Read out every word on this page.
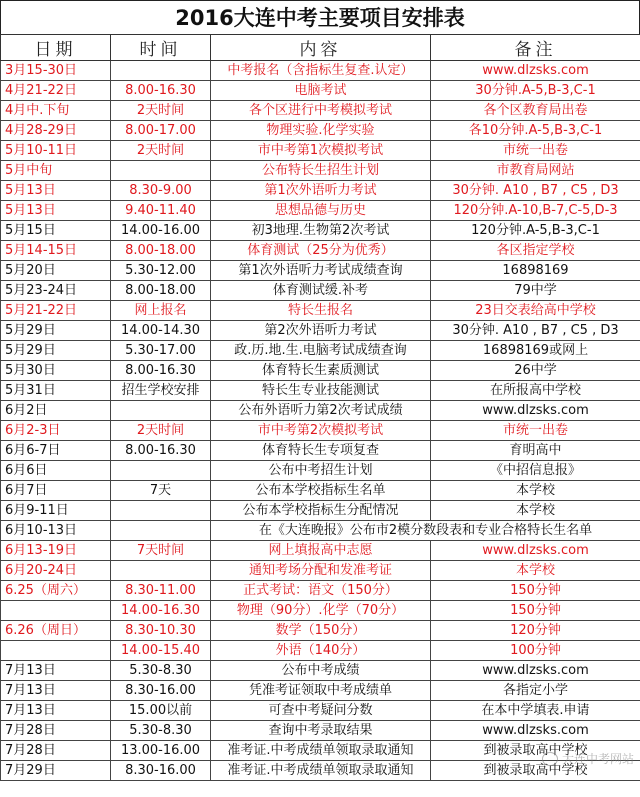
2016大连中考主要项目安排表
日期	时间	内容	备注
3月15-30日		中考报名（含指标生复查.认定）	www.dlzsks.com
4月21-22日	8.00-16.30	电脑考试	30分钟.A-5,B-3,C-1
4月中.下旬	2天时间	各个区进行中考模拟考试	各个区教育局出卷
4月28-29日	8.00-17.00	物理实验.化学实验	各10分钟.A-5,B-3,C-1
5月10-11日	2天时间	市中考第1次模拟考试	市统一出卷
5月中旬		公布特长生招生计划	市教育局网站
5月13日	8.30-9.00	第1次外语听力考试	30分钟. A10 , B7 , C5 , D3
5月13日	9.40-11.40	思想品德与历史	120分钟.A-10,B-7,C-5,D-3
5月15日	14.00-16.00	初3地理.生物第2次考试	120分钟.A-5,B-3,C-1
5月14-15日	8.00-18.00	体育测试（25分为优秀）	各区指定学校
5月20日	5.30-12.00	第1次外语听力考试成绩查询	16898169
5月23-24日	8.00-18.00	体育测试缓.补考	79中学
5月21-22日	网上报名	特长生报名	23日交表给高中学校
5月29日	14.00-14.30	第2次外语听力考试	30分钟. A10 , B7 , C5 , D3
5月29日	5.30-17.00	政.历.地.生.电脑考试成绩查询	16898169或网上
5月30日	8.00-16.30	体育特长生素质测试	26中学
5月31日	招生学校安排	特长生专业技能测试	在所报高中学校
6月2日		公布外语听力第2次考试成绩	www.dlzsks.com
6月2-3日	2天时间	市中考第2次模拟考试	市统一出卷
6月6-7日	8.00-16.30	体育特长生专项复查	育明高中
6月6日		公布中考招生计划	《中招信息报》
6月7日	7天	公布本学校指标生名单	本学校
6月9-11日		公布本学校指标生分配情况	本学校
6月10-13日		在《大连晚报》公布市2模分数段表和专业合格特长生名单	
6月13-19日	7天时间	网上填报高中志愿	www.dlzsks.com
6月20-24日		通知考场分配和发准考证	本学校
6.25（周六）	8.30-11.00	正式考试：语文（150分）	150分钟
	14.00-16.30	物理（90分）.化学（70分）	150分钟
6.26（周日）	8.30-10.30	数学（150分）	120分钟
	14.00-15.40	外语（140分）	100分钟
7月13日	5.30-8.30	公布中考成绩	www.dlzsks.com
7月13日	8.30-16.00	凭准考证领取中考成绩单	各指定小学
7月13日	15.00以前	可查中考疑问分数	在本中学填表.申请
7月28日	5.30-8.30	查询中考录取结果	www.dlzsks.com
7月28日	13.00-16.00	准考证.中考成绩单领取录取通知	到被录取高中学校
7月29日	8.30-16.00	准考证.中考成绩单领取录取通知	到被录取高中学校
大连中考网站
